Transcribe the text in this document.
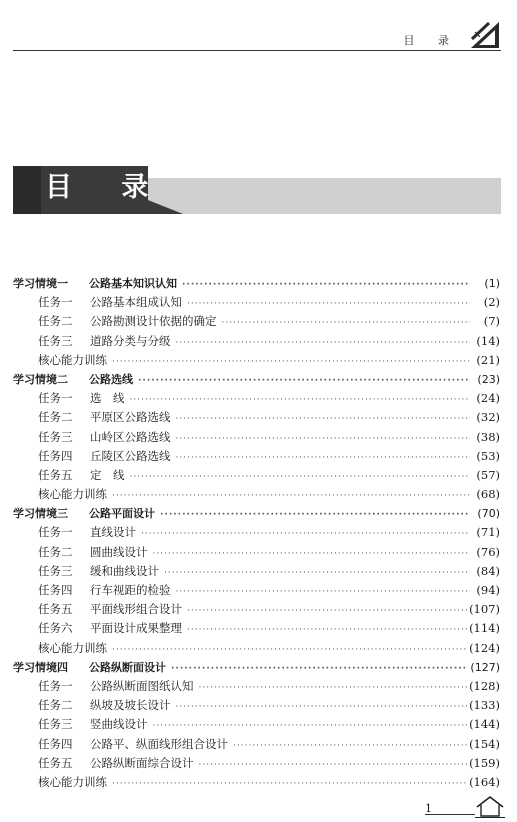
目 录
目 录
学习情境一	公路基本知识认知 ·····	(1)
任务一	公路基本组成认知 ·····	(2)
任务二	公路勘测设计依据的确定 ·····	(7)
任务三	道路分类与分级 ·····	(14)
核心能力训练 ·····	(21)
学习情境二	公路选线 ·····	(23)
任务一	选　线 ·····	(24)
任务二	平原区公路选线 ·····	(32)
任务三	山岭区公路选线 ·····	(38)
任务四	丘陵区公路选线 ·····	(53)
任务五	定　线 ·····	(57)
核心能力训练 ·····	(68)
学习情境三	公路平面设计 ·····	(70)
任务一	直线设计 ·····	(71)
任务二	圆曲线设计 ·····	(76)
任务三	缓和曲线设计 ·····	(84)
任务四	行车视距的检验 ·····	(94)
任务五	平面线形组合设计 ·····	(107)
任务六	平面设计成果整理 ·····	(114)
核心能力训练 ·····	(124)
学习情境四	公路纵断面设计 ·····	(127)
任务一	公路纵断面图纸认知 ·····	(128)
任务二	纵坡及坡长设计 ·····	(133)
任务三	竖曲线设计 ·····	(144)
任务四	公路平、纵面线形组合设计 ·····	(154)
任务五	公路纵断面综合设计 ·····	(159)
核心能力训练 ·····	(164)
1
